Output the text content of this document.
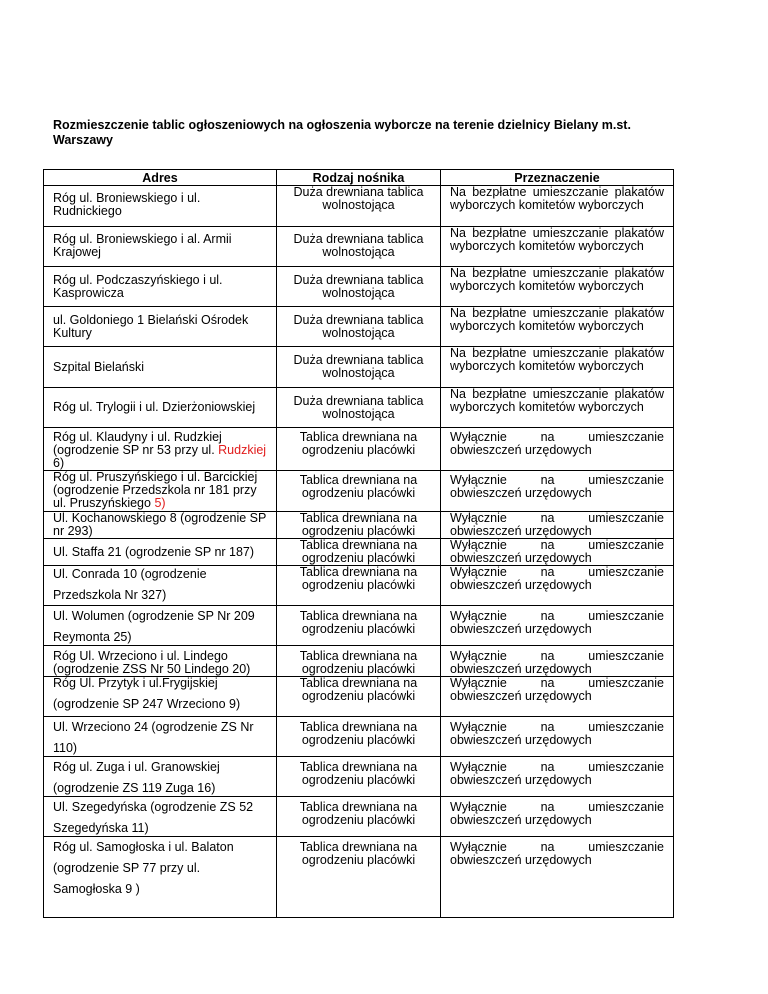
Rozmieszczenie tablic ogłoszeniowych na ogłoszenia wyborcze na terenie dzielnicy Bielany m.st. Warszawy
Adres	Rodzaj nośnika	Przeznaczenie
Róg ul. Broniewskiego i ul. Rudnickiego	Duża drewniana tablica wolnostojąca	Na bezpłatne umieszczanie plakatów wyborczych komitetów wyborczych
Róg ul. Broniewskiego i al. Armii Krajowej	Duża drewniana tablica wolnostojąca	Na bezpłatne umieszczanie plakatów wyborczych komitetów wyborczych
Róg ul. Podczaszyńskiego i ul. Kasprowicza	Duża drewniana tablica wolnostojąca	Na bezpłatne umieszczanie plakatów wyborczych komitetów wyborczych
ul. Goldoniego 1 Bielański Ośrodek Kultury	Duża drewniana tablica wolnostojąca	Na bezpłatne umieszczanie plakatów wyborczych komitetów wyborczych
Szpital Bielański	Duża drewniana tablica wolnostojąca	Na bezpłatne umieszczanie plakatów wyborczych komitetów wyborczych
Róg ul. Trylogii i ul. Dzierżoniowskiej	Duża drewniana tablica wolnostojąca	Na bezpłatne umieszczanie plakatów wyborczych komitetów wyborczych
Róg ul. Klaudyny i ul. Rudzkiej (ogrodzenie SP nr 53 przy ul. Rudzkiej 6)	Tablica drewniana na ogrodzeniu placówki	Wyłącznie na umieszczanie obwieszczeń urzędowych
Róg ul. Pruszyńskiego i ul. Barcickiej (ogrodzenie Przedszkola nr 181 przy ul. Pruszyńskiego 5)	Tablica drewniana na ogrodzeniu placówki	Wyłącznie na umieszczanie obwieszczeń urzędowych
Ul. Kochanowskiego 8 (ogrodzenie SP nr 293)	Tablica drewniana na ogrodzeniu placówki	Wyłącznie na umieszczanie obwieszczeń urzędowych
Ul. Staffa 21 (ogrodzenie SP nr 187)	Tablica drewniana na ogrodzeniu placówki	Wyłącznie na umieszczanie obwieszczeń urzędowych
Ul. Conrada 10 (ogrodzenie
Przedszkola Nr 327)	Tablica drewniana na ogrodzeniu placówki	Wyłącznie na umieszczanie obwieszczeń urzędowych
Ul. Wolumen (ogrodzenie SP Nr 209
Reymonta 25)	Tablica drewniana na ogrodzeniu placówki	Wyłącznie na umieszczanie obwieszczeń urzędowych
Róg Ul. Wrzeciono i ul. Lindego (ogrodzenie ZSS Nr 50 Lindego 20)	Tablica drewniana na ogrodzeniu placówki	Wyłącznie na umieszczanie obwieszczeń urzędowych
Róg Ul. Przytyk i ul.Frygijskiej
(ogrodzenie SP 247 Wrzeciono 9)	Tablica drewniana na ogrodzeniu placówki	Wyłącznie na umieszczanie obwieszczeń urzędowych
Ul. Wrzeciono 24 (ogrodzenie ZS Nr
110)	Tablica drewniana na ogrodzeniu placówki	Wyłącznie na umieszczanie obwieszczeń urzędowych
Róg ul. Zuga i ul. Granowskiej
(ogrodzenie ZS 119 Zuga 16)	Tablica drewniana na ogrodzeniu placówki	Wyłącznie na umieszczanie obwieszczeń urzędowych
Ul. Szegedyńska (ogrodzenie ZS 52
Szegedyńska 11)	Tablica drewniana na ogrodzeniu placówki	Wyłącznie na umieszczanie obwieszczeń urzędowych
Róg ul. Samogłoska i ul. Balaton
(ogrodzenie SP 77 przy ul.
Samogłoska 9 )	Tablica drewniana na ogrodzeniu placówki	Wyłącznie na umieszczanie obwieszczeń urzędowych
